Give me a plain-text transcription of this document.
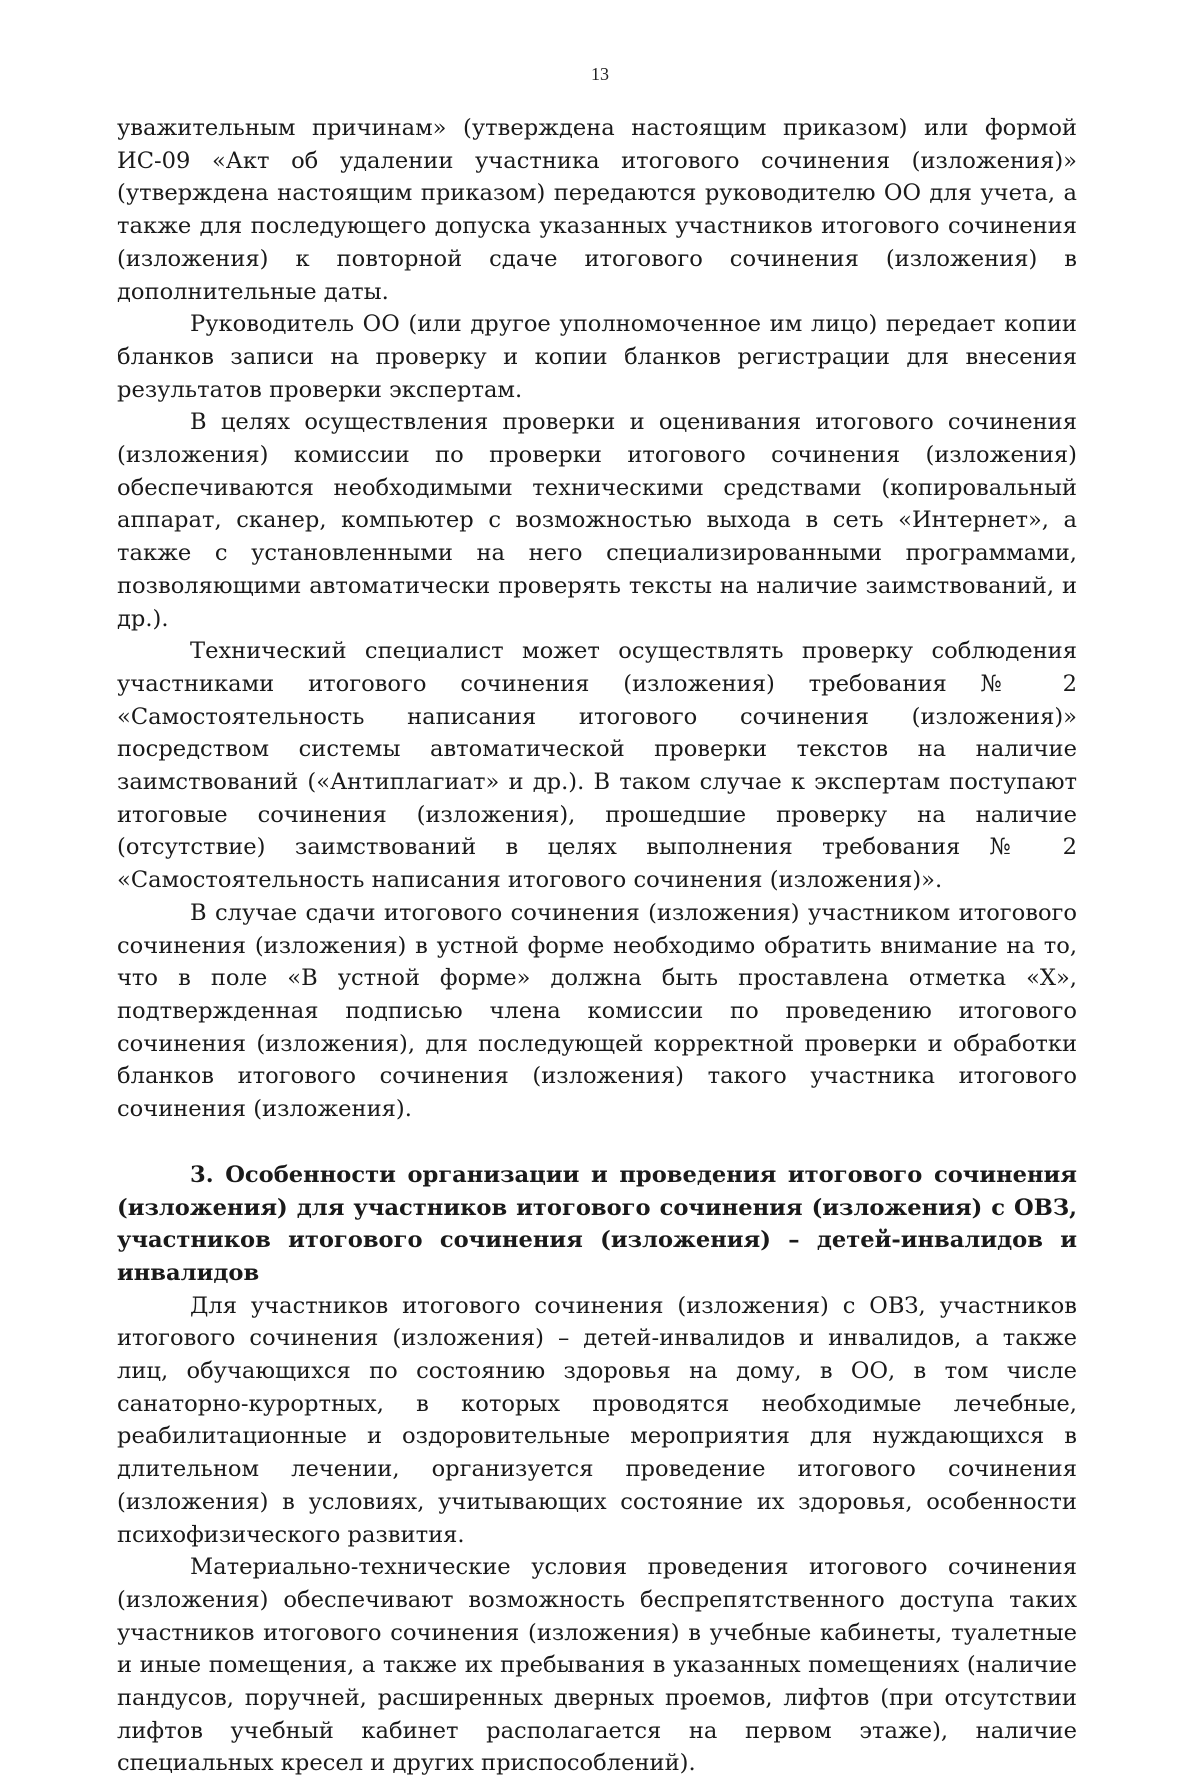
13

уважительным причинам» (утверждена настоящим приказом) или формой ИС-09 «Акт об удалении участника итогового сочинения (изложения)» (утверждена настоящим приказом) передаются руководителю ОО для учета, а также для последующего допуска указанных участников итогового сочинения (изложения) к повторной сдаче итогового сочинения (изложения) в дополнительные даты.

Руководитель ОО (или другое уполномоченное им лицо) передает копии бланков записи на проверку и копии бланков регистрации для внесения результатов проверки экспертам.

В целях осуществления проверки и оценивания итогового сочинения (изложения) комиссии по проверки итогового сочинения (изложения) обеспечиваются необходимыми техническими средствами (копировальный аппарат, сканер, компьютер с возможностью выхода в сеть «Интернет», а также с установленными на него специализированными программами, позволяющими автоматически проверять тексты на наличие заимствований, и др.).

Технический специалист может осуществлять проверку соблюдения участниками итогового сочинения (изложения) требования № 2 «Самостоятельность написания итогового сочинения (изложения)» посредством системы автоматической проверки текстов на наличие заимствований («Антиплагиат» и др.). В таком случае к экспертам поступают итоговые сочинения (изложения), прошедшие проверку на наличие (отсутствие) заимствований в целях выполнения требования № 2 «Самостоятельность написания итогового сочинения (изложения)».

В случае сдачи итогового сочинения (изложения) участником итогового сочинения (изложения) в устной форме необходимо обратить внимание на то, что в поле «В устной форме» должна быть проставлена отметка «Х», подтвержденная подписью члена комиссии по проведению итогового сочинения (изложения), для последующей корректной проверки и обработки бланков итогового сочинения (изложения) такого участника итогового сочинения (изложения).

3. Особенности организации и проведения итогового сочинения (изложения) для участников итогового сочинения (изложения) с ОВЗ, участников итогового сочинения (изложения) – детей-инвалидов и инвалидов

Для участников итогового сочинения (изложения) с ОВЗ, участников итогового сочинения (изложения) – детей-инвалидов и инвалидов, а также лиц, обучающихся по состоянию здоровья на дому, в ОО, в том числе санаторно-курортных, в которых проводятся необходимые лечебные, реабилитационные и оздоровительные мероприятия для нуждающихся в длительном лечении, организуется проведение итогового сочинения (изложения) в условиях, учитывающих состояние их здоровья, особенности психофизического развития.

Материально-технические условия проведения итогового сочинения (изложения) обеспечивают возможность беспрепятственного доступа таких участников итогового сочинения (изложения) в учебные кабинеты, туалетные и иные помещения, а также их пребывания в указанных помещениях (наличие пандусов, поручней, расширенных дверных проемов, лифтов (при отсутствии лифтов учебный кабинет располагается на первом этаже), наличие специальных кресел и других приспособлений).
